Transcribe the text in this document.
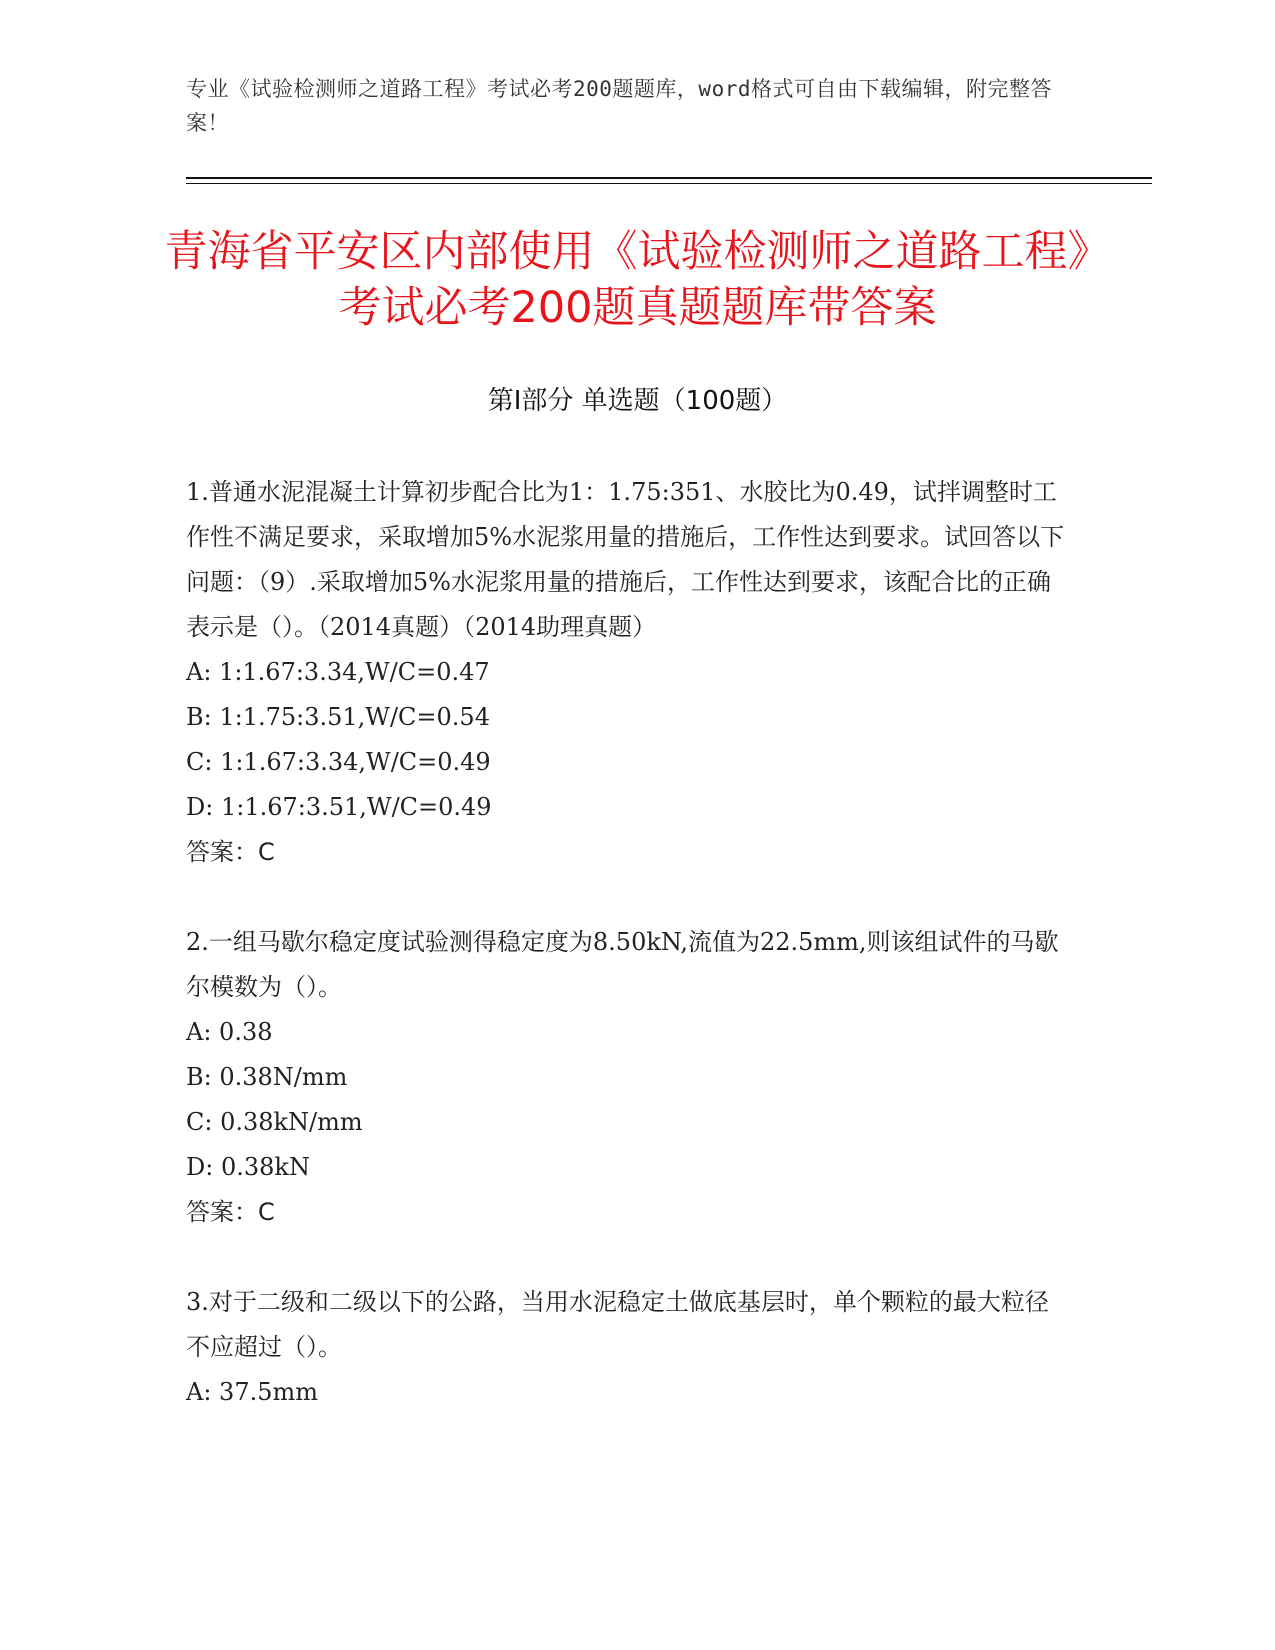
专业《试验检测师之道路工程》考试必考200题题库，word格式可自由下载编辑，附完整答案！
青海省平安区内部使用《试验检测师之道路工程》考试必考200题真题题库带答案
第Ⅰ部分 单选题（100题）
1.普通水泥混凝土计算初步配合比为1：1.75:351、水胶比为0.49，试拌调整时工作性不满足要求，采取增加5%水泥浆用量的措施后，工作性达到要求。试回答以下问题：（9）.采取增加5%水泥浆用量的措施后，工作性达到要求，该配合比的正确表示是（）。（2014真题）（2014助理真题）
A: 1:1.67:3.34,W/C=0.47
B: 1:1.75:3.51,W/C=0.54
C: 1:1.67:3.34,W/C=0.49
D: 1:1.67:3.51,W/C=0.49
答案：C
2.一组马歇尔稳定度试验测得稳定度为8.50kN,流值为22.5mm,则该组试件的马歇尔模数为（）。
A: 0.38
B: 0.38N/mm
C: 0.38kN/mm
D: 0.38kN
答案：C
3.对于二级和二级以下的公路，当用水泥稳定土做底基层时，单个颗粒的最大粒径不应超过（）。
A: 37.5mm
